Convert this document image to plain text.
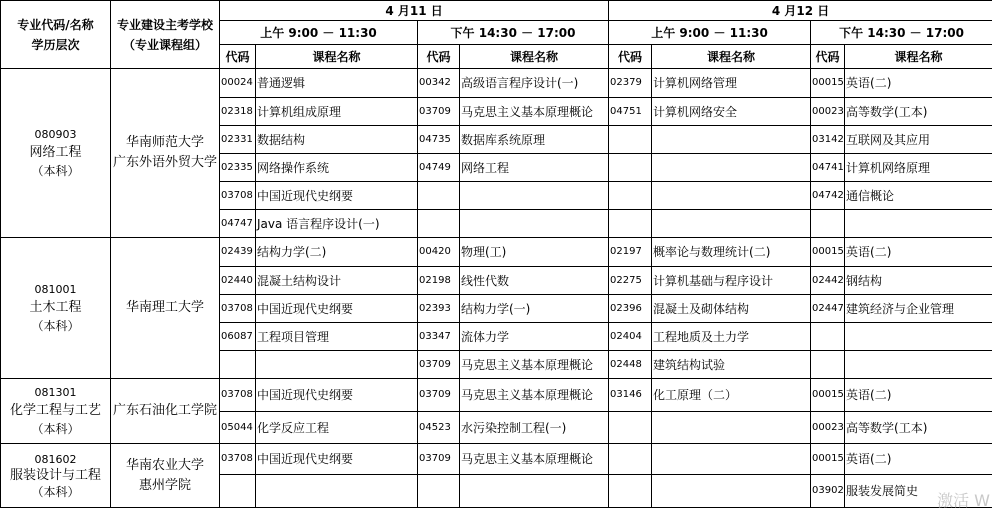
专业代码/名称
学历层次	专业建设主考学校
（专业课程组）	4 月11 日				4 月12 日			
		上午 9:00 － 11:30		下午 14:30 － 17:00		上午 9:00 － 11:30		下午 14:30 － 17:00	
		代码	课程名称	代码	课程名称	代码	课程名称	代码	课程名称

080903
网络工程
（本科）	华南师范大学
广东外语外贸大学	00024	普通逻辑	00342	高级语言程序设计(一)	02379	计算机网络管理	00015	英语(二)
		02318	计算机组成原理	03709	马克思主义基本原理概论	04751	计算机网络安全	00023	高等数学(工本)
		02331	数据结构	04735	数据库系统原理			03142	互联网及其应用
		02335	网络操作系统	04749	网络工程			04741	计算机网络原理
		03708	中国近现代史纲要					04742	通信概论
		04747	Java 语言程序设计(一)						

081001
土木工程
（本科）	华南理工大学	02439	结构力学(二)	00420	物理(工)	02197	概率论与数理统计(二)	00015	英语(二)
		02440	混凝土结构设计	02198	线性代数	02275	计算机基础与程序设计	02442	钢结构
		03708	中国近现代史纲要	02393	结构力学(一)	02396	混凝土及砌体结构	02447	建筑经济与企业管理
		06087	工程项目管理	03347	流体力学	02404	工程地质及土力学		
				03709	马克思主义基本原理概论	02448	建筑结构试验		

081301
化学工程与工艺
（本科）	广东石油化工学院	03708	中国近现代史纲要	03709	马克思主义基本原理概论	03146	化工原理（二）	00015	英语(二)
		05044	化学反应工程	04523	水污染控制工程(一)			00023	高等数学(工本)

081602
服装设计与工程
（本科）	华南农业大学
惠州学院	03708	中国近现代史纲要	03709	马克思主义基本原理概论			00015	英语(二)
								03902	服装发展简史 激活 W
